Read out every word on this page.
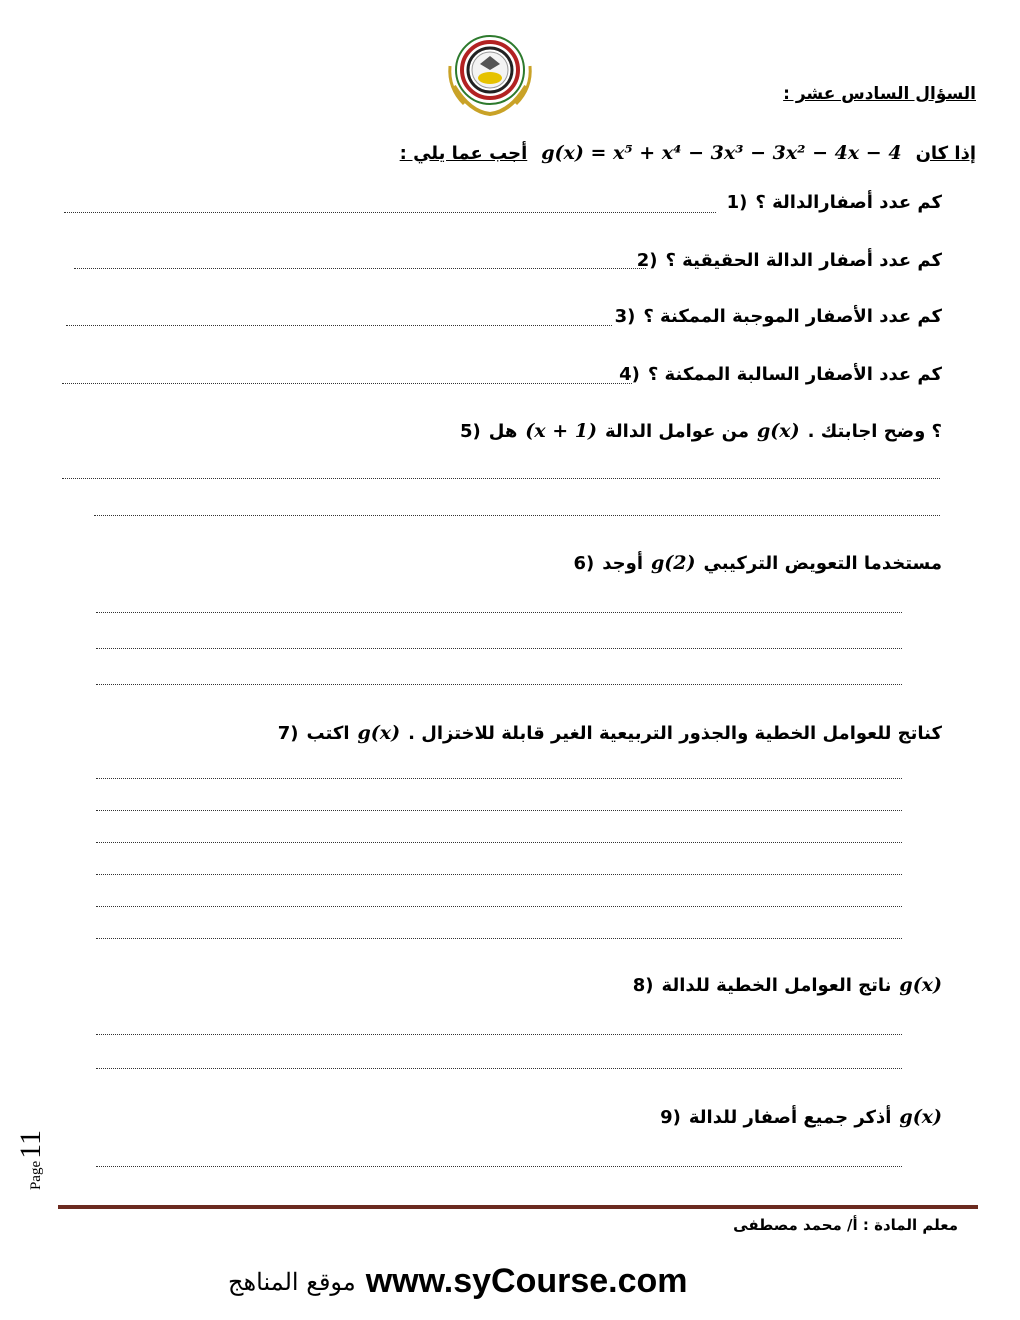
السؤال السادس عشر :
إذا كان
g(x) = x⁵ + x⁴ − 3x³ − 3x² − 4x − 4
أجب عما يلي :
1) كم عدد أصفارالدالة ؟
2) كم عدد أصفار الدالة الحقيقية ؟
3) كم عدد الأصفار الموجبة الممكنة ؟
4) كم عدد الأصفار السالبة الممكنة ؟
5) هل (x + 1) من عوامل الدالة g(x) ؟ وضح اجابتك .
6) أوجد g(2) مستخدما التعويض التركيبي
7) اكتب g(x) كناتج للعوامل الخطية والجذور التربيعية الغير قابلة للاختزال .
8) ناتج العوامل الخطية للدالة g(x)
9) أذكر جميع أصفار للدالة g(x)
Page
11
معلم المادة : أ/ محمد مصطفى
موقع المناهج www.syCourse.com
